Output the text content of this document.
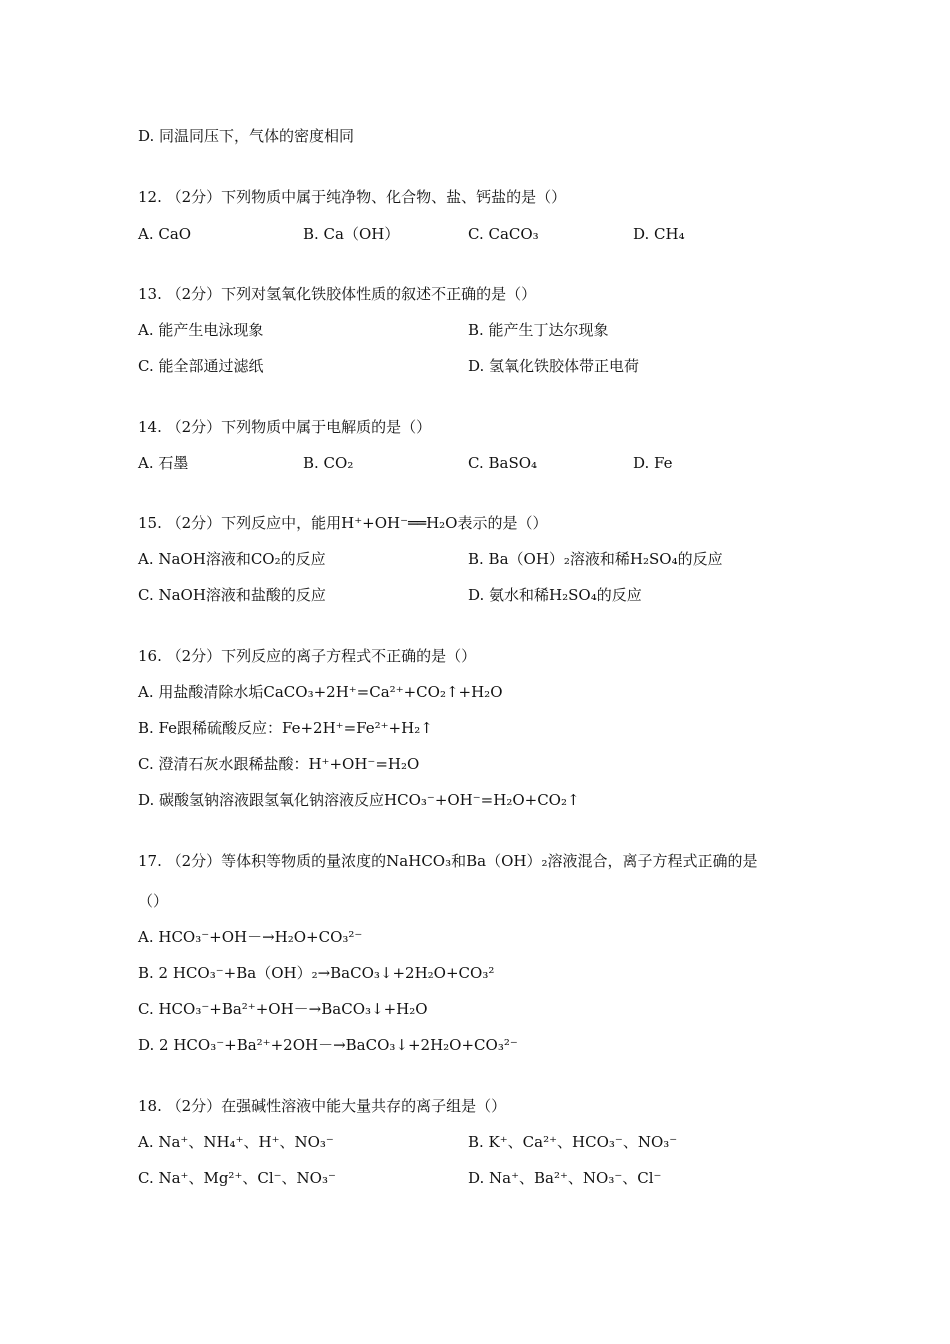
D. 同温同压下，气体的密度相同
12. （2分）下列物质中属于纯净物、化合物、盐、钙盐的是（）
A. CaO	B. Ca（OH）	C. CaCO₃	D. CH₄
13. （2分）下列对氢氧化铁胶体性质的叙述不正确的是（）
A. 能产生电泳现象	B. 能产生丁达尔现象
C. 能全部通过滤纸	D. 氢氧化铁胶体带正电荷
14. （2分）下列物质中属于电解质的是（）
A. 石墨	B. CO₂	C. BaSO₄	D. Fe
15. （2分）下列反应中，能用H⁺+OH⁻══H₂O表示的是（）
A. NaOH溶液和CO₂的反应	B. Ba（OH）₂溶液和稀H₂SO₄的反应
C. NaOH溶液和盐酸的反应	D. 氨水和稀H₂SO₄的反应
16. （2分）下列反应的离子方程式不正确的是（）
A. 用盐酸清除水垢CaCO₃+2H⁺=Ca²⁺+CO₂↑+H₂O
B. Fe跟稀硫酸反应：Fe+2H⁺=Fe²⁺+H₂↑
C. 澄清石灰水跟稀盐酸：H⁺+OH⁻=H₂O
D. 碳酸氢钠溶液跟氢氧化钠溶液反应HCO₃⁻+OH⁻=H₂O+CO₂↑
17. （2分）等体积等物质的量浓度的NaHCO₃和Ba（OH）₂溶液混合，离子方程式正确的是
（）
A. HCO₃⁻+OH－→H₂O+CO₃²⁻
B. 2 HCO₃⁻+Ba（OH）₂→BaCO₃↓+2H₂O+CO₃²
C. HCO₃⁻+Ba²⁺+OH－→BaCO₃↓+H₂O
D. 2 HCO₃⁻+Ba²⁺+2OH－→BaCO₃↓+2H₂O+CO₃²⁻
18. （2分）在强碱性溶液中能大量共存的离子组是（）
A. Na⁺、NH₄⁺、H⁺、NO₃⁻	B. K⁺、Ca²⁺、HCO₃⁻、NO₃⁻
C. Na⁺、Mg²⁺、Cl⁻、NO₃⁻	D. Na⁺、Ba²⁺、NO₃⁻、Cl⁻
